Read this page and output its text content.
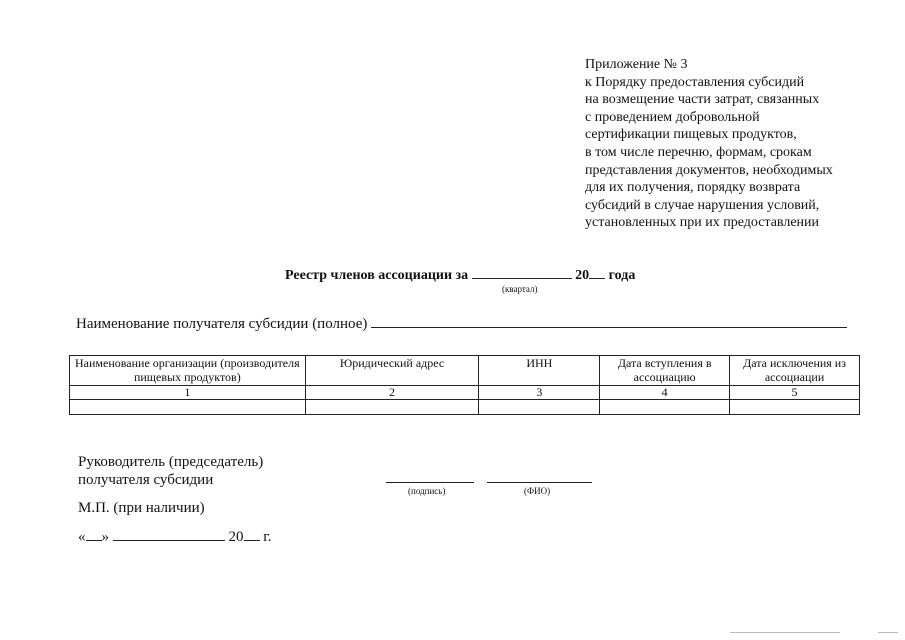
Приложение № 3
к Порядку предоставления субсидий
на возмещение части затрат, связанных
с проведением добровольной
сертификации пищевых продуктов,
в том числе перечню, формам, срокам
представления документов, необходимых
для их получения, порядку возврата
субсидий в случае нарушения условий,
установленных при их предоставлении
Реестр членов ассоциации за	20 года
(квартал)
Наименование получателя субсидии (полное)
Наименование организации (производителя пищевых продуктов)	Юридический адрес	ИНН	Дата вступления в ассоциацию	Дата исключения из ассоциации
1	2	3	4	5

Руководитель (председатель)
получателя субсидии
(подпись)	(ФИО)
М.П. (при наличии)
« »	20 г.
